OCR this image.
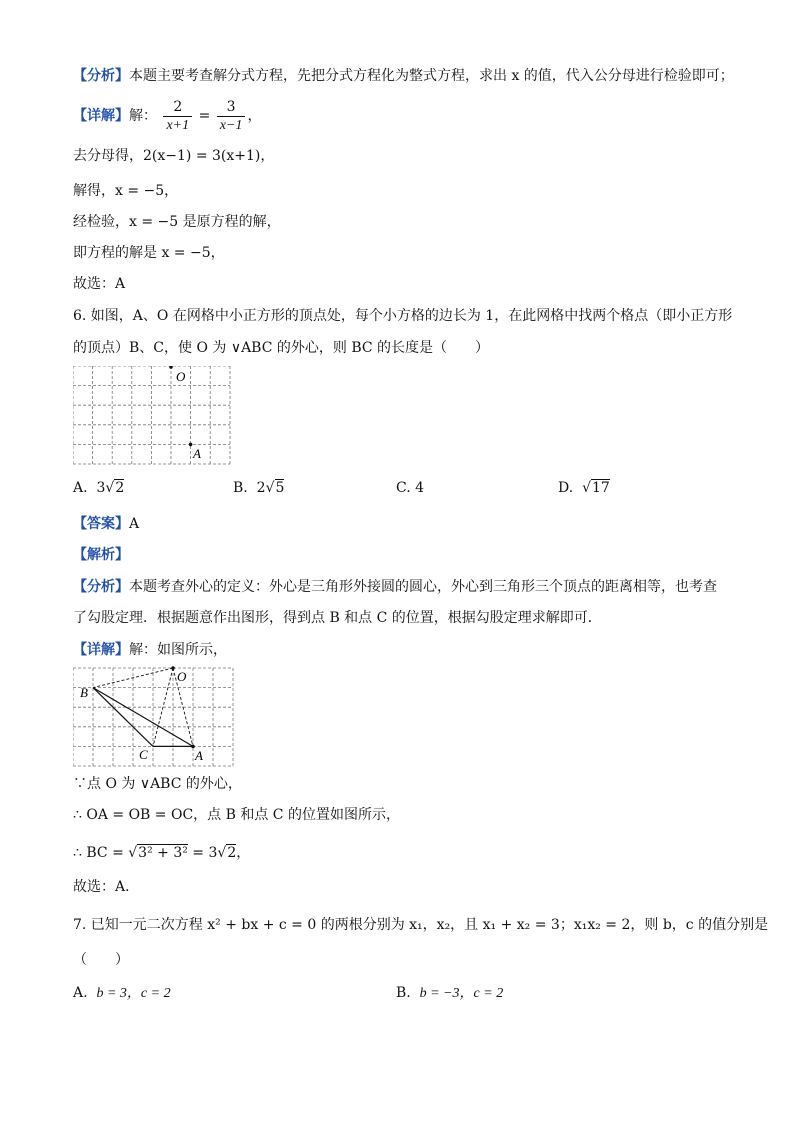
【分析】本题主要考查解分式方程，先把分式方程化为整式方程，求出 x 的值，代入公分母进行检验即可；
【详解】解： $\frac{2}{x+1} = \frac{3}{x-1}$ ，
去分母得，2(x−1) = 3(x+1)，
解得，x = −5，
经检验，x = −5 是原方程的解，
即方程的解是 x = −5，
故选：A
6. 如图，A、O 在网格中小正方形的顶点处，每个小方格的边长为 1，在此网格中找两个格点（即小正方形
的顶点）B、C，使 O 为 ∨ABC 的外心，则 BC 的长度是（　　）
O
A
A. 3√2	B. 2√5	C. 4	D. √17
【答案】A
【解析】
【分析】本题考查外心的定义：外心是三角形外接圆的圆心，外心到三角形三个顶点的距离相等，也考查
了勾股定理．根据题意作出图形，得到点 B 和点 C 的位置，根据勾股定理求解即可．
【详解】解：如图所示，
O
A
B
C
∵点 O 为 ∨ABC 的外心，
∴ OA = OB = OC，点 B 和点 C 的位置如图所示，
∴ BC = √3² + 3² = 3√2，
故选：A．
7. 已知一元二次方程 x² + bx + c = 0 的两根分别为 x₁，x₂，且 x₁ + x₂ = 3；x₁x₂ = 2，则 b，c 的值分别是
（　　）
A. b = 3，c = 2	B. b = −3，c = 2
